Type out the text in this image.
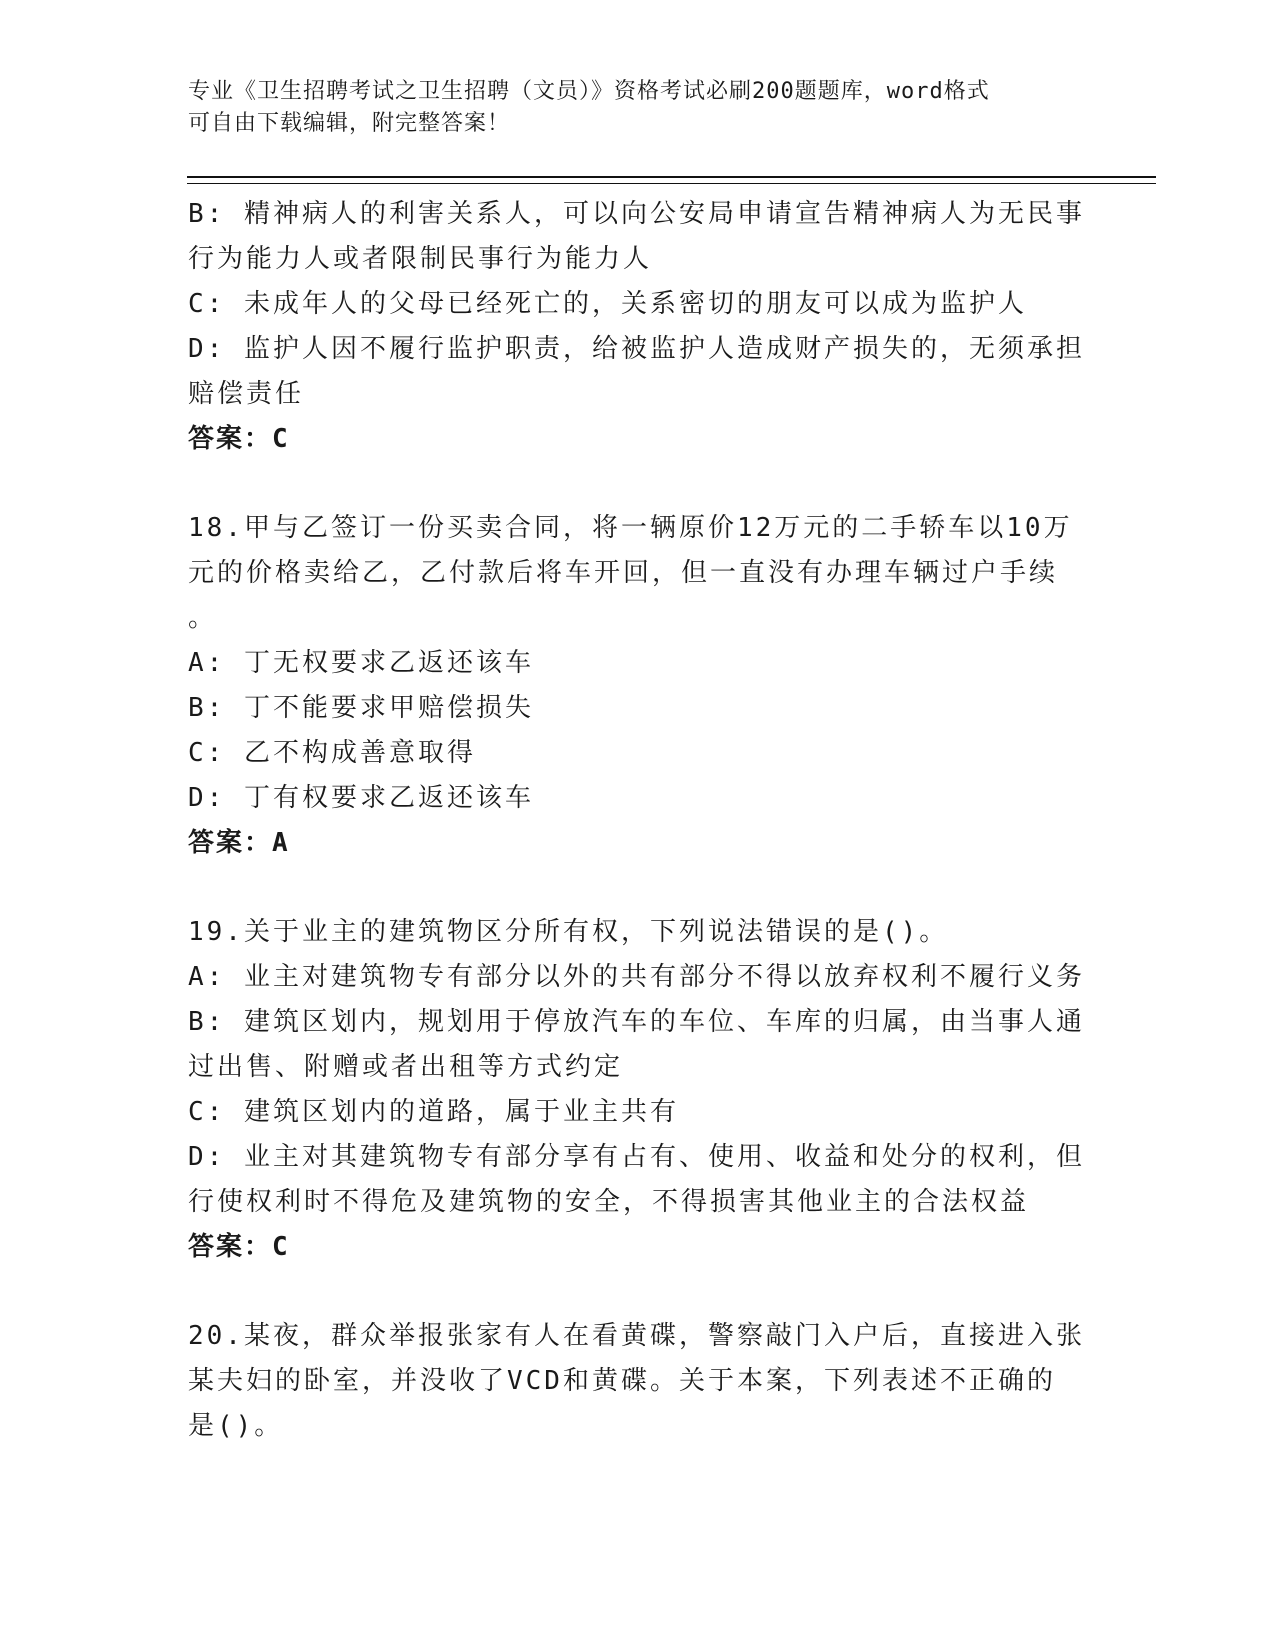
专业《卫生招聘考试之卫生招聘（文员）》资格考试必刷200题题库，word格式
可自由下载编辑，附完整答案！
B: 精神病人的利害关系人，可以向公安局申请宣告精神病人为无民事
行为能力人或者限制民事行为能力人
C: 未成年人的父母已经死亡的，关系密切的朋友可以成为监护人
D: 监护人因不履行监护职责，给被监护人造成财产损失的，无须承担
赔偿责任
答案：C
18.甲与乙签订一份买卖合同，将一辆原价12万元的二手轿车以10万
元的价格卖给乙，乙付款后将车开回，但一直没有办理车辆过户手续
。
A: 丁无权要求乙返还该车
B: 丁不能要求甲赔偿损失
C: 乙不构成善意取得
D: 丁有权要求乙返还该车
答案：A
19.关于业主的建筑物区分所有权，下列说法错误的是()。
A: 业主对建筑物专有部分以外的共有部分不得以放弃权利不履行义务
B: 建筑区划内，规划用于停放汽车的车位、车库的归属，由当事人通
过出售、附赠或者出租等方式约定
C: 建筑区划内的道路，属于业主共有
D: 业主对其建筑物专有部分享有占有、使用、收益和处分的权利，但
行使权利时不得危及建筑物的安全，不得损害其他业主的合法权益
答案：C
20.某夜，群众举报张家有人在看黄碟，警察敲门入户后，直接进入张
某夫妇的卧室，并没收了VCD和黄碟。关于本案，下列表述不正确的
是()。
